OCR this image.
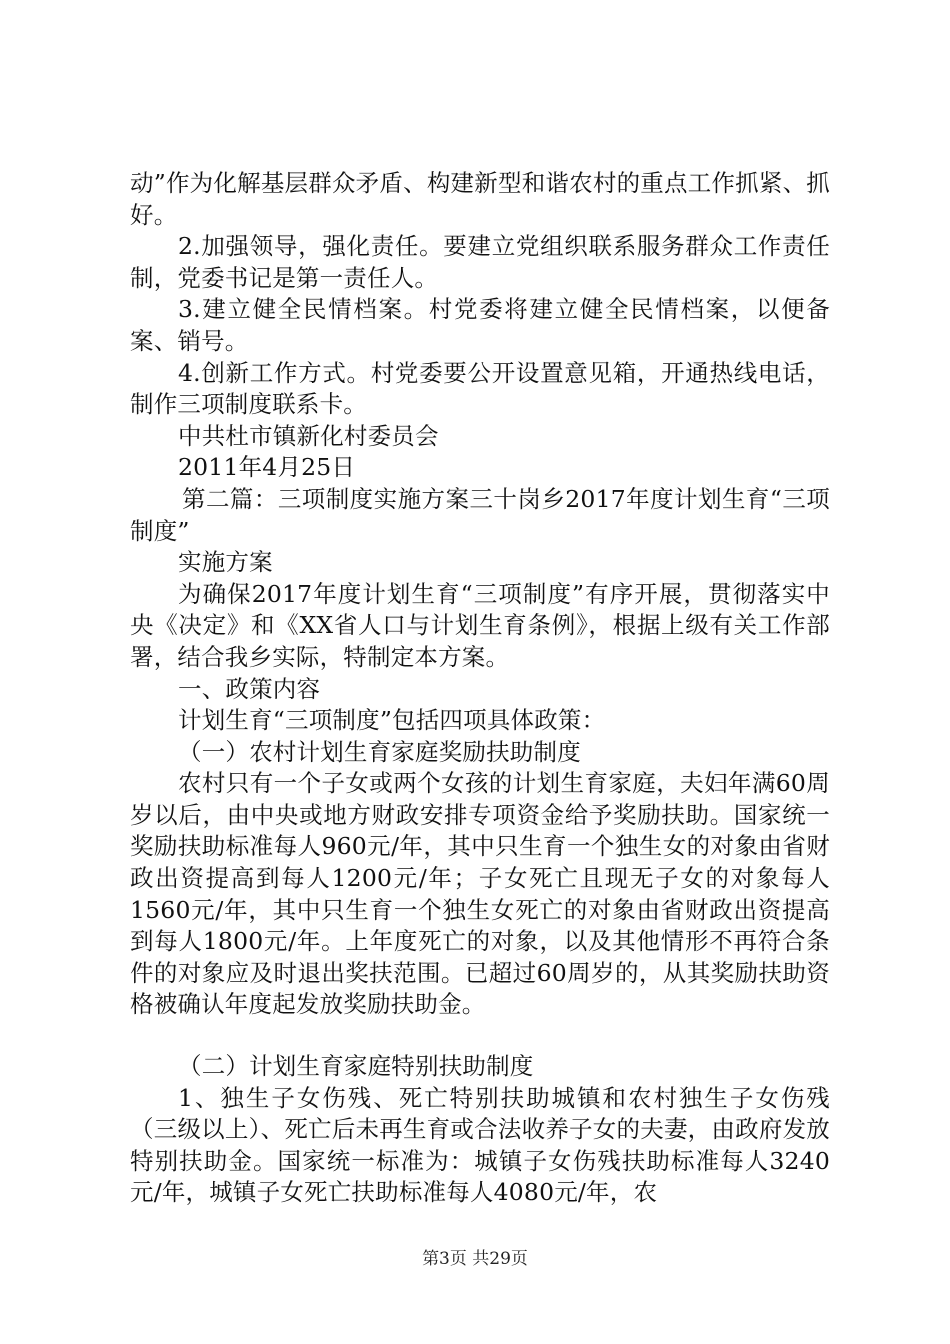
动”作为化解基层群众矛盾、构建新型和谐农村的重点工作抓紧、抓好。

2.加强领导，强化责任。要建立党组织联系服务群众工作责任制，党委书记是第一责任人。

3.建立健全民情档案。村党委将建立健全民情档案，以便备案、销号。

4.创新工作方式。村党委要公开设置意见箱，开通热线电话，制作三项制度联系卡。

中共杜市镇新化村委员会

2011年4月25日

第二篇：三项制度实施方案三十岗乡2017年度计划生育“三项制度”

实施方案

为确保2017年度计划生育“三项制度”有序开展，贯彻落实中央《决定》和《XX省人口与计划生育条例》，根据上级有关工作部署，结合我乡实际，特制定本方案。

一、政策内容

计划生育“三项制度”包括四项具体政策：

（一）农村计划生育家庭奖励扶助制度

农村只有一个子女或两个女孩的计划生育家庭，夫妇年满60周岁以后，由中央或地方财政安排专项资金给予奖励扶助。国家统一奖励扶助标准每人960元/年，其中只生育一个独生女的对象由省财政出资提高到每人1200元/年；子女死亡且现无子女的对象每人1560元/年，其中只生育一个独生女死亡的对象由省财政出资提高到每人1800元/年。上年度死亡的对象，以及其他情形不再符合条件的对象应及时退出奖扶范围。已超过60周岁的，从其奖励扶助资格被确认年度起发放奖励扶助金。

（二）计划生育家庭特别扶助制度

1、独生子女伤残、死亡特别扶助城镇和农村独生子女伤残（三级以上）、死亡后未再生育或合法收养子女的夫妻，由政府发放特别扶助金。国家统一标准为：城镇子女伤残扶助标准每人3240元/年，城镇子女死亡扶助标准每人4080元/年，农

第3页 共29页
